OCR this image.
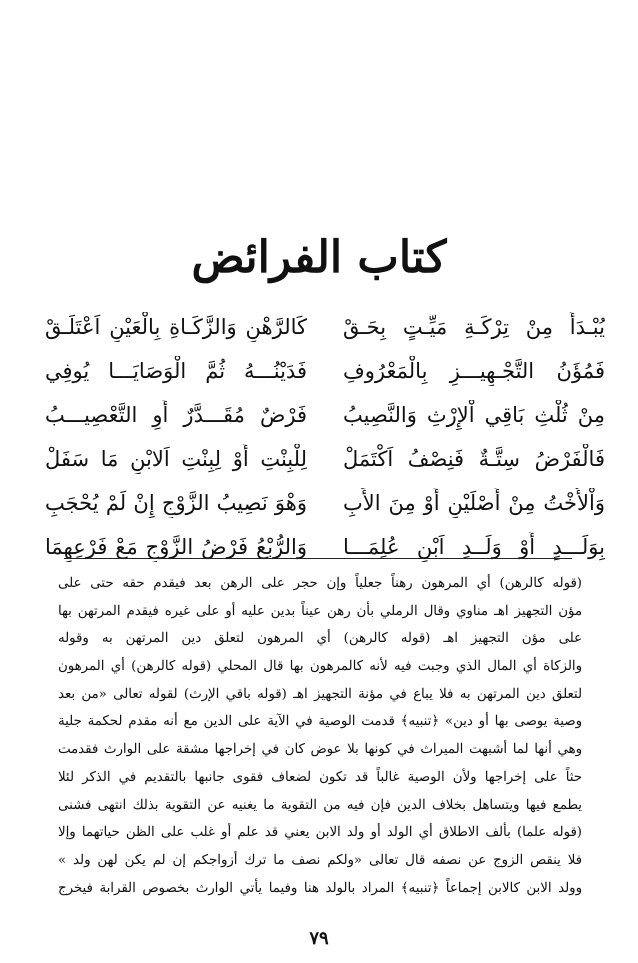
كتاب الفرائض
يُبْـدَأُ مِنْ تِرْكَـةِ مَيِّـتٍ بِحَـقْ
كَالرَّهْنِ وَالزَّكَـاةِ بِالْعَيْنِ اَعْتَلَـقْ
فَمُؤَنُ التَّجْـهِيـــزِ بِالْمَعْرُوفِ
فَدَيْنُـــهُ ثُمَّ الْوَصَايَـــا يُوفِي
مِنْ ثُلْثِ بَاقِي اْلإِرْثِ وَالنَّصِيبُ
فَرْضٌ مُقَـــدَّرٌ أَوِ التَّعْصِيـــبُ
فَالْفَرْضُ سِتَّـةٌ فَنِصْفُ اَكْتَمَلْ
لِلْبِنْتِ أَوْ لِبِنْتِ اَلابْنِ مَا سَفَلْ
وَاْلأُخْتُ مِنْ أَصْلَيْنِ أَوْ مِنَ الأَبِ
وَهْوَ نَصِيبُ الزَّوْجِ إِنْ لَمْ يُحْجَبِ
بِوَلَـــدٍ أَوْ وَلَــدِ اَبْنٍ عُلِمَـــا
وَالرُّبْعُ فَرْضُ الزَّوْجِ مَعْ فَرْعِهِمَا
(قوله كالرهن) أي المرهون رهناً جعلياً وإن حجر على الرهن بعد فيقدم حقه حتى على
مؤن التجهيز اهـ مناوي وقال الرملي بأن رهن عيناً بدين عليه أو على غيره فيقدم المرتهن بها
على مؤن التجهيز اهـ (قوله كالرهن) أي المرهون لتعلق دين المرتهن به وقوله
والزكاة أي المال الذي وجبت فيه لأنه كالمرهون بها قال المحلي (قوله كالرهن) أي المرهون
لتعلق دين المرتهن به فلا يباع في مؤنة التجهيز اهـ (قوله باقي الإرث) لقوله تعالى «من بعد
وصية يوصى بها أو دين» ﴿تنبيه﴾ قدمت الوصية في الآية على الدين مع أنه مقدم لحكمة جلية
وهي أنها لما أشبهت الميراث في كونها بلا عوض كان في إخراجها مشقة على الوارث فقدمت
حثاً على إخراجها ولأن الوصية غالباً قد تكون لضعاف فقوى جانبها بالتقديم في الذكر لئلا
يطمع فيها ويتساهل بخلاف الدين فإن فيه من التقوية ما يغنيه عن التقوية بذلك انتهى فشنى
(قوله علما) بألف الاطلاق أي الولد أو ولد الابن يعني قد علم أو غلب على الظن حياتهما وإلا
فلا ينقص الزوج عن نصفه قال تعالى «ولكم نصف ما ترك أزواجكم إن لم يكن لهن ولد »
وولد الابن كالابن إجماعاً ﴿تنبيه﴾ المراد بالولد هنا وفيما يأتي الوارث بخصوص القرابة فيخرج
٧٩
